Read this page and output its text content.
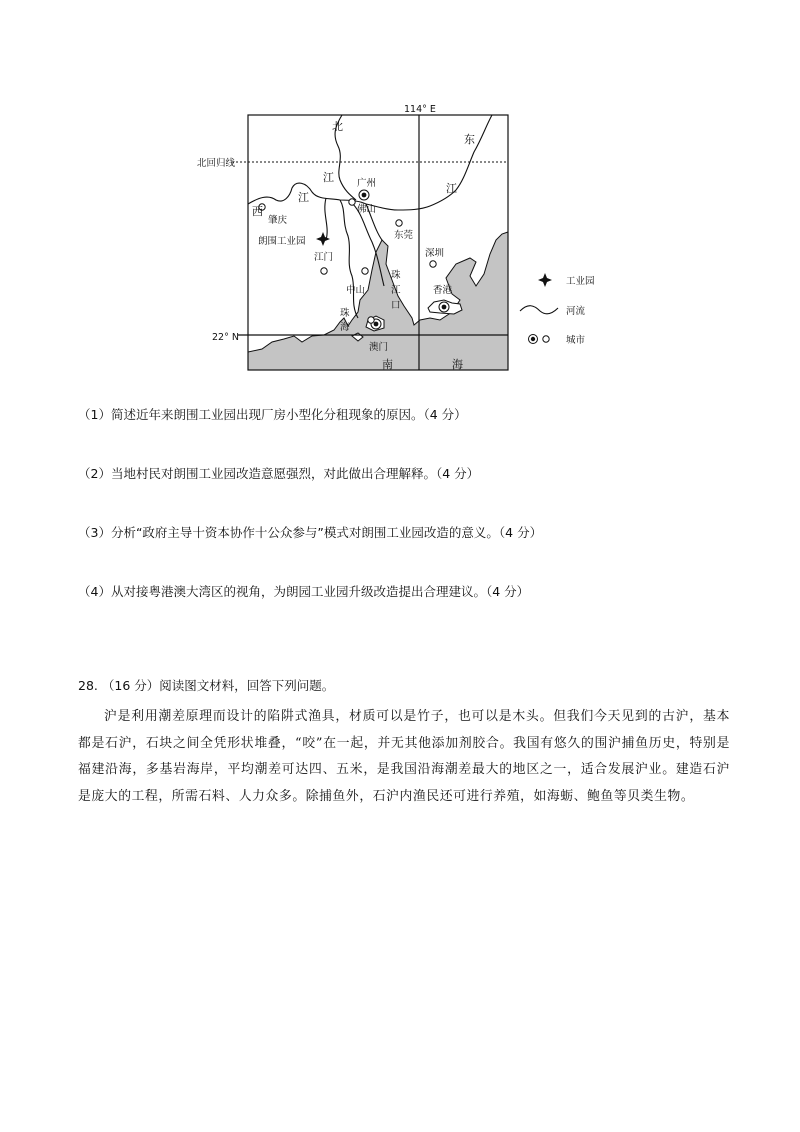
114° E
22° N
北回归线
北
江
西
江
东
江
肇庆
广州
佛山
朗围工业园
东莞
江门	深圳
中山
珠
江
口
香港
珠
海
澳门
南	海
工业园
河流
城市
（1）简述近年来朗围工业园出现厂房小型化分租现象的原因。（4 分）
（2）当地村民对朗围工业园改造意愿强烈，对此做出合理解释。（4 分）
（3）分析“政府主导十资本协作十公众参与”模式对朗围工业园改造的意义。（4 分）
（4）从对接粤港澳大湾区的视角，为朗园工业园升级改造提出合理建议。（4 分）
28. （16 分）阅读图文材料，回答下列问题。
沪是利用潮差原理而设计的陷阱式渔具，材质可以是竹子，也可以是木头。但我们今天见到的古沪，基本都是石沪，石块之间全凭形状堆叠，“咬”在一起，并无其他添加剂胶合。我国有悠久的围沪捕鱼历史，特别是福建沿海，多基岩海岸，平均潮差可达四、五米，是我国沿海潮差最大的地区之一，适合发展沪业。建造石沪是庞大的工程，所需石料、人力众多。除捕鱼外，石沪内渔民还可进行养殖，如海蛎、鲍鱼等贝类生物。
